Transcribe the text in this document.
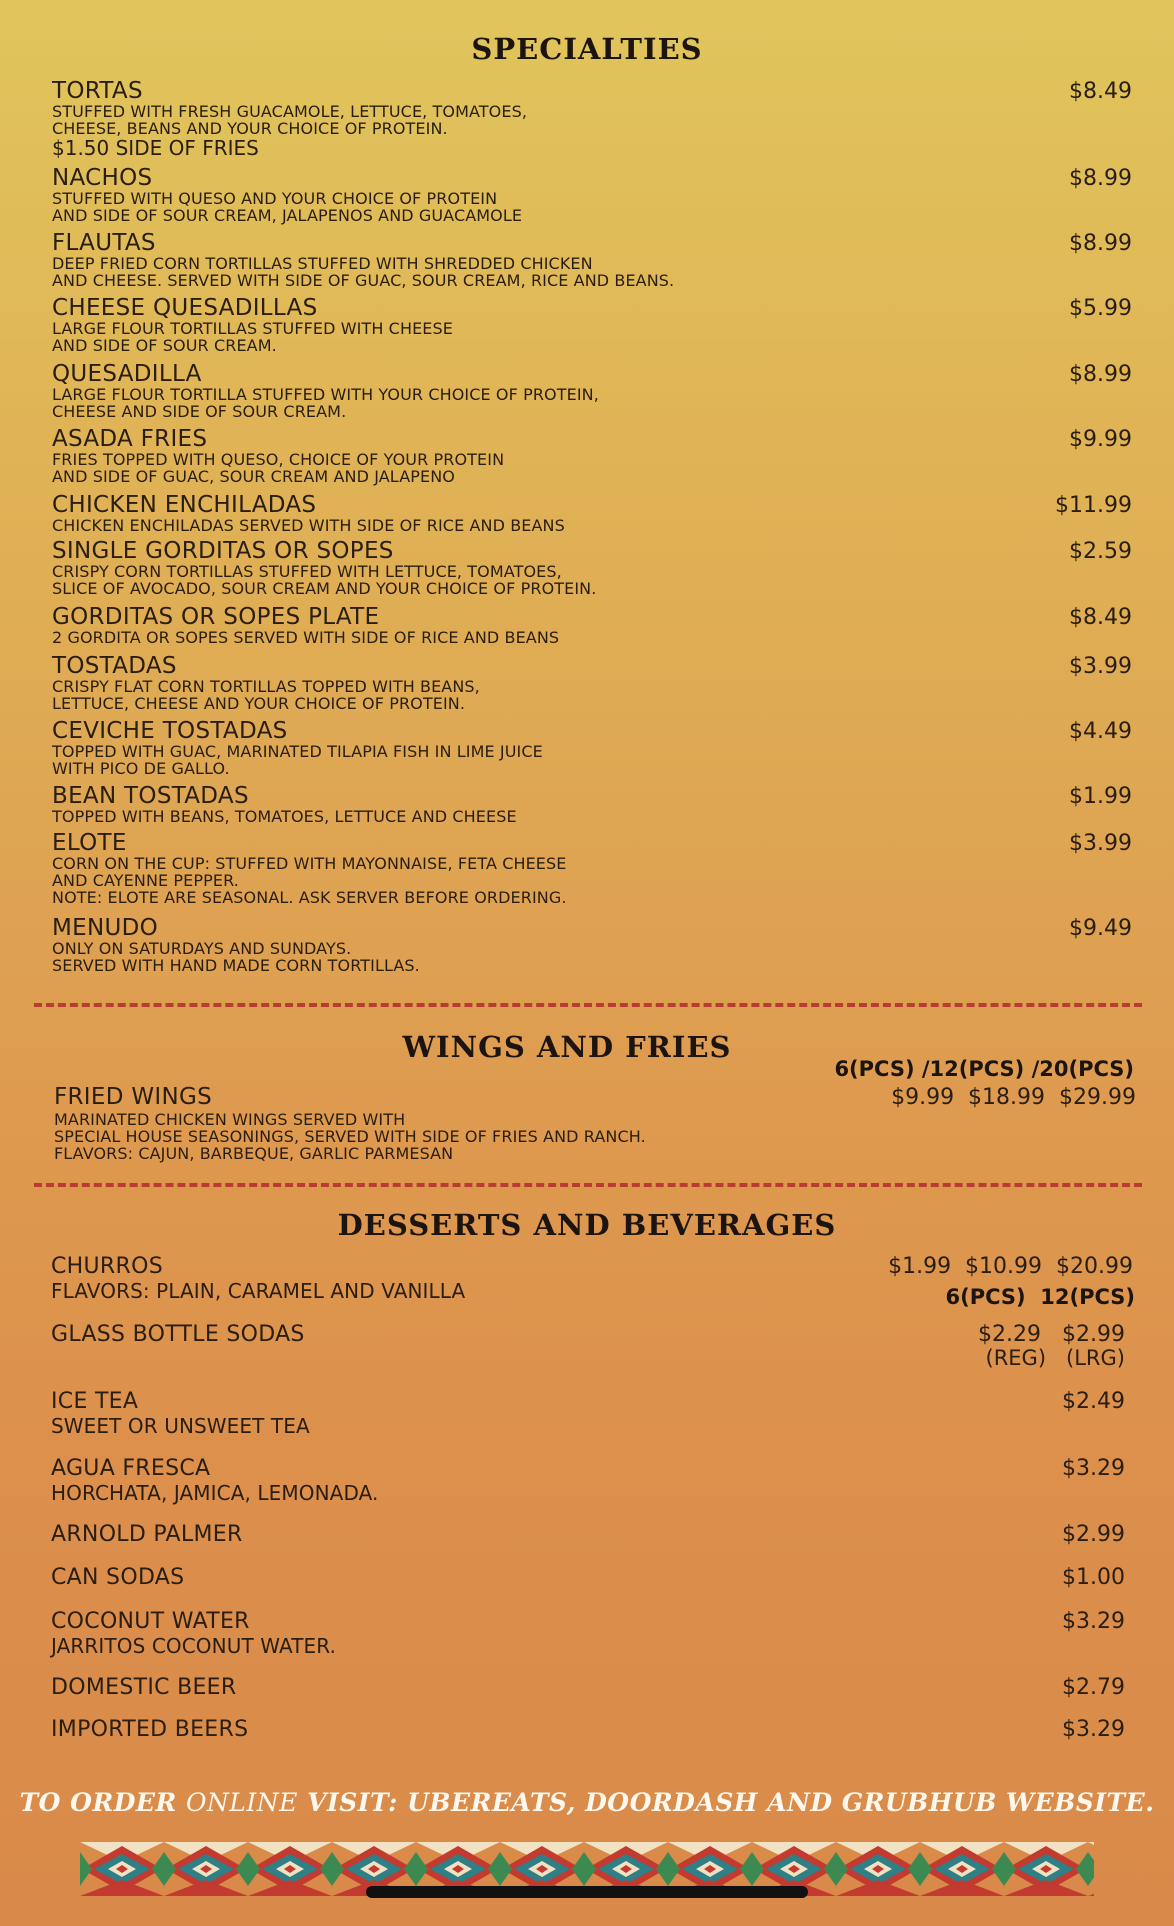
SPECIALTIES
TORTAS
STUFFED WITH FRESH GUACAMOLE, LETTUCE, TOMATOES,
CHEESE, BEANS AND YOUR CHOICE OF PROTEIN.
$1.50 SIDE OF FRIES
$8.49
NACHOS
STUFFED WITH QUESO AND YOUR CHOICE OF PROTEIN
AND SIDE OF SOUR CREAM, JALAPENOS AND GUACAMOLE
$8.99
FLAUTAS
DEEP FRIED CORN TORTILLAS STUFFED WITH SHREDDED CHICKEN
AND CHEESE. SERVED WITH SIDE OF GUAC, SOUR CREAM, RICE AND BEANS.
$8.99
CHEESE QUESADILLAS
LARGE FLOUR TORTILLAS STUFFED WITH CHEESE
AND SIDE OF SOUR CREAM.
$5.99
QUESADILLA
LARGE FLOUR TORTILLA STUFFED WITH YOUR CHOICE OF PROTEIN,
CHEESE AND SIDE OF SOUR CREAM.
$8.99
ASADA FRIES
FRIES TOPPED WITH QUESO, CHOICE OF YOUR PROTEIN
AND SIDE OF GUAC, SOUR CREAM AND JALAPENO
$9.99
CHICKEN ENCHILADAS
CHICKEN ENCHILADAS SERVED WITH SIDE OF RICE AND BEANS
$11.99
SINGLE GORDITAS OR SOPES
CRISPY CORN TORTILLAS STUFFED WITH LETTUCE, TOMATOES,
SLICE OF AVOCADO, SOUR CREAM AND YOUR CHOICE OF PROTEIN.
$2.59
GORDITAS OR SOPES PLATE
2 GORDITA OR SOPES SERVED WITH SIDE OF RICE AND BEANS
$8.49
TOSTADAS
CRISPY FLAT CORN TORTILLAS TOPPED WITH BEANS,
LETTUCE, CHEESE AND YOUR CHOICE OF PROTEIN.
$3.99
CEVICHE TOSTADAS
TOPPED WITH GUAC, MARINATED TILAPIA FISH IN LIME JUICE
WITH PICO DE GALLO.
$4.49
BEAN TOSTADAS
TOPPED WITH BEANS, TOMATOES, LETTUCE AND CHEESE
$1.99
ELOTE
CORN ON THE CUP: STUFFED WITH MAYONNAISE, FETA CHEESE
AND CAYENNE PEPPER.
NOTE: ELOTE ARE SEASONAL. ASK SERVER BEFORE ORDERING.
$3.99
MENUDO
ONLY ON SATURDAYS AND SUNDAYS.
SERVED WITH HAND MADE CORN TORTILLAS.
$9.49
WINGS AND FRIES
6(PCS) /12(PCS) /20(PCS)
FRIED WINGS
MARINATED CHICKEN WINGS SERVED WITH
SPECIAL HOUSE SEASONINGS, SERVED WITH SIDE OF FRIES AND RANCH.
FLAVORS: CAJUN, BARBEQUE, GARLIC PARMESAN
$9.99  $18.99  $29.99
DESSERTS AND BEVERAGES
CHURROS
FLAVORS: PLAIN, CARAMEL AND VANILLA
$1.99  $10.99  $20.99
6(PCS)  12(PCS)
GLASS BOTTLE SODAS	$2.29   $2.99
(REG)   (LRG)
ICE TEA
SWEET OR UNSWEET TEA
$2.49
AGUA FRESCA
HORCHATA, JAMICA, LEMONADA.
$3.29
ARNOLD PALMER	$2.99
CAN SODAS	$1.00
COCONUT WATER
JARRITOS COCONUT WATER.
$3.29
DOMESTIC BEER	$2.79
IMPORTED BEERS	$3.29
TO ORDER ONLINE VISIT: UBEREATS, DOORDASH AND GRUBHUB WEBSITE.
